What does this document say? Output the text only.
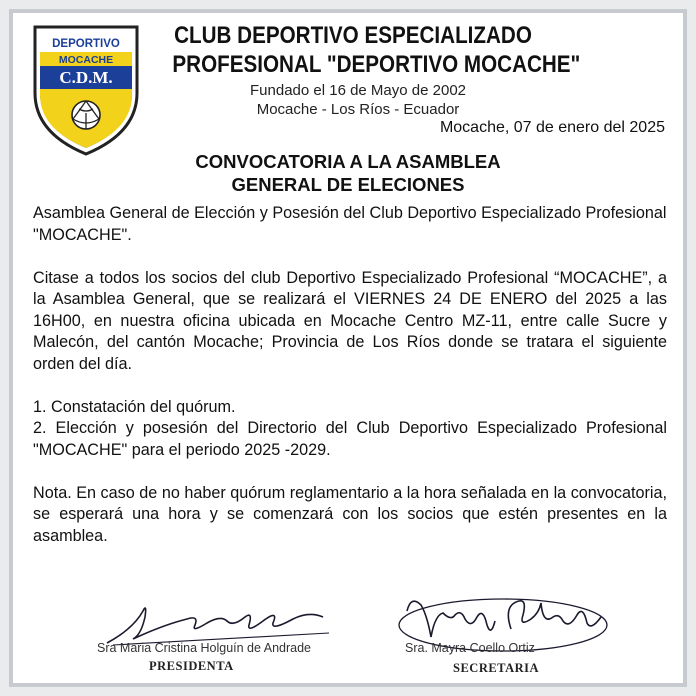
DEPORTIVO
MOCACHE
C.D.M.
CLUB DEPORTIVO ESPECIALIZADO
PROFESIONAL "DEPORTIVO MOCACHE"
Fundado el 16 de Mayo de 2002
Mocache - Los Ríos - Ecuador
Mocache, 07 de enero del 2025
CONVOCATORIA A LA ASAMBLEA
GENERAL DE ELECIONES

Asamblea General de Elección y Posesión del Club Deportivo Especializado Profesional "MOCACHE".

Citase a todos los socios del club Deportivo Especializado Profesional “MOCACHE”, a la Asamblea General, que se realizará el VIERNES 24 DE ENERO del 2025 a las 16H00, en nuestra oficina ubicada en Mocache Centro MZ-11, entre calle Sucre y Malecón, del cantón Mocache; Provincia de Los Ríos donde se tratara el siguiente orden del día.

1. Constatación del quórum.

2. Elección y posesión del Directorio del Club Deportivo Especializado Profesional "MOCACHE" para el periodo 2025 -2029.

Nota. En caso de no haber quórum reglamentario a la hora señalada en la convocatoria, se esperará una hora y se comenzará con los socios que estén presentes en la asamblea.

Sra Maria Cristina Holguín de Andrade
PRESIDENTA
Sra. Mayra Coello Ortiz
SECRETARIA
